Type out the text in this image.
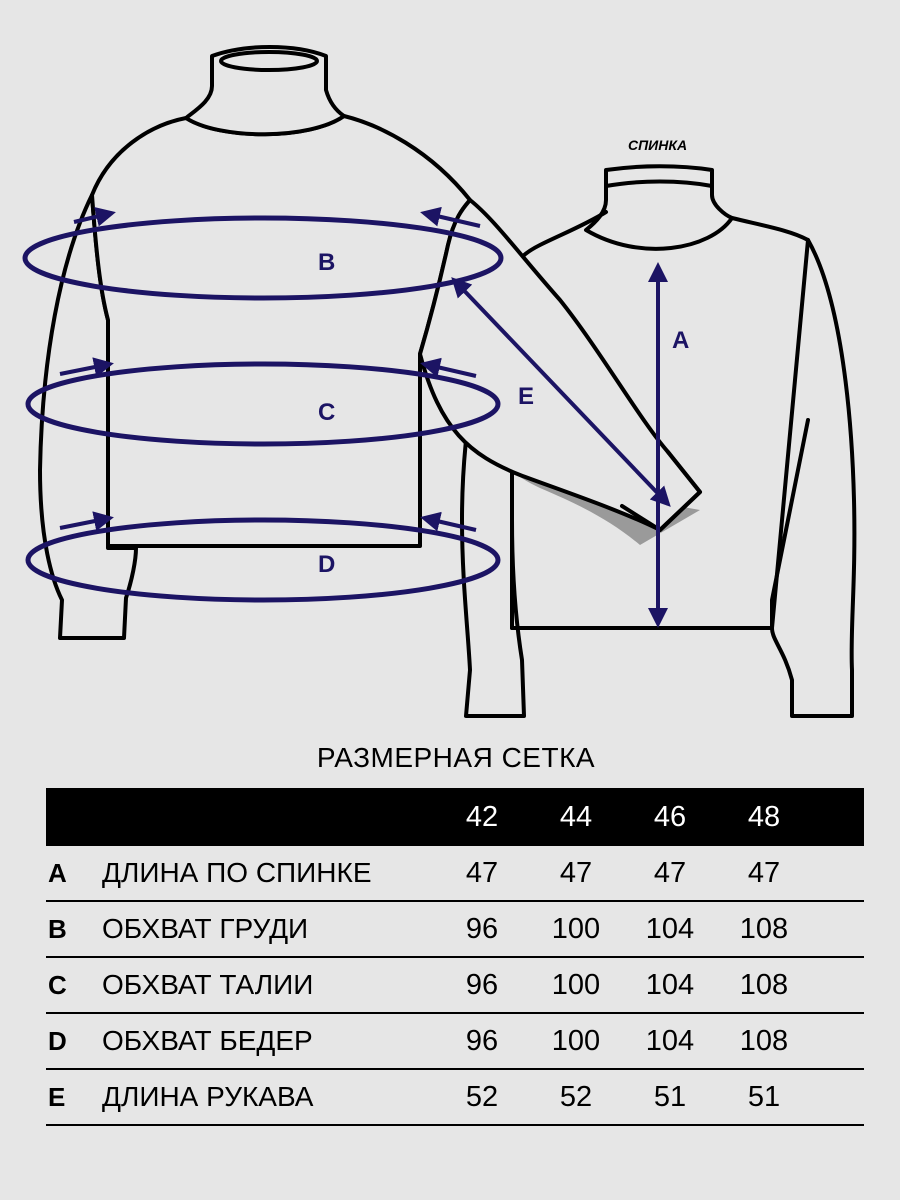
СПИНКА
B
C
D
E
A
РАЗМЕРНАЯ СЕТКА
42	44	46	48
A ДЛИНА ПО СПИНКЕ	47	47	47	47
B ОБХВАТ ГРУДИ	96	100	104	108
C ОБХВАТ ТАЛИИ	96	100	104	108
D ОБХВАТ БЕДЕР	96	100	104	108
E ДЛИНА РУКАВА	52	52	51	51
